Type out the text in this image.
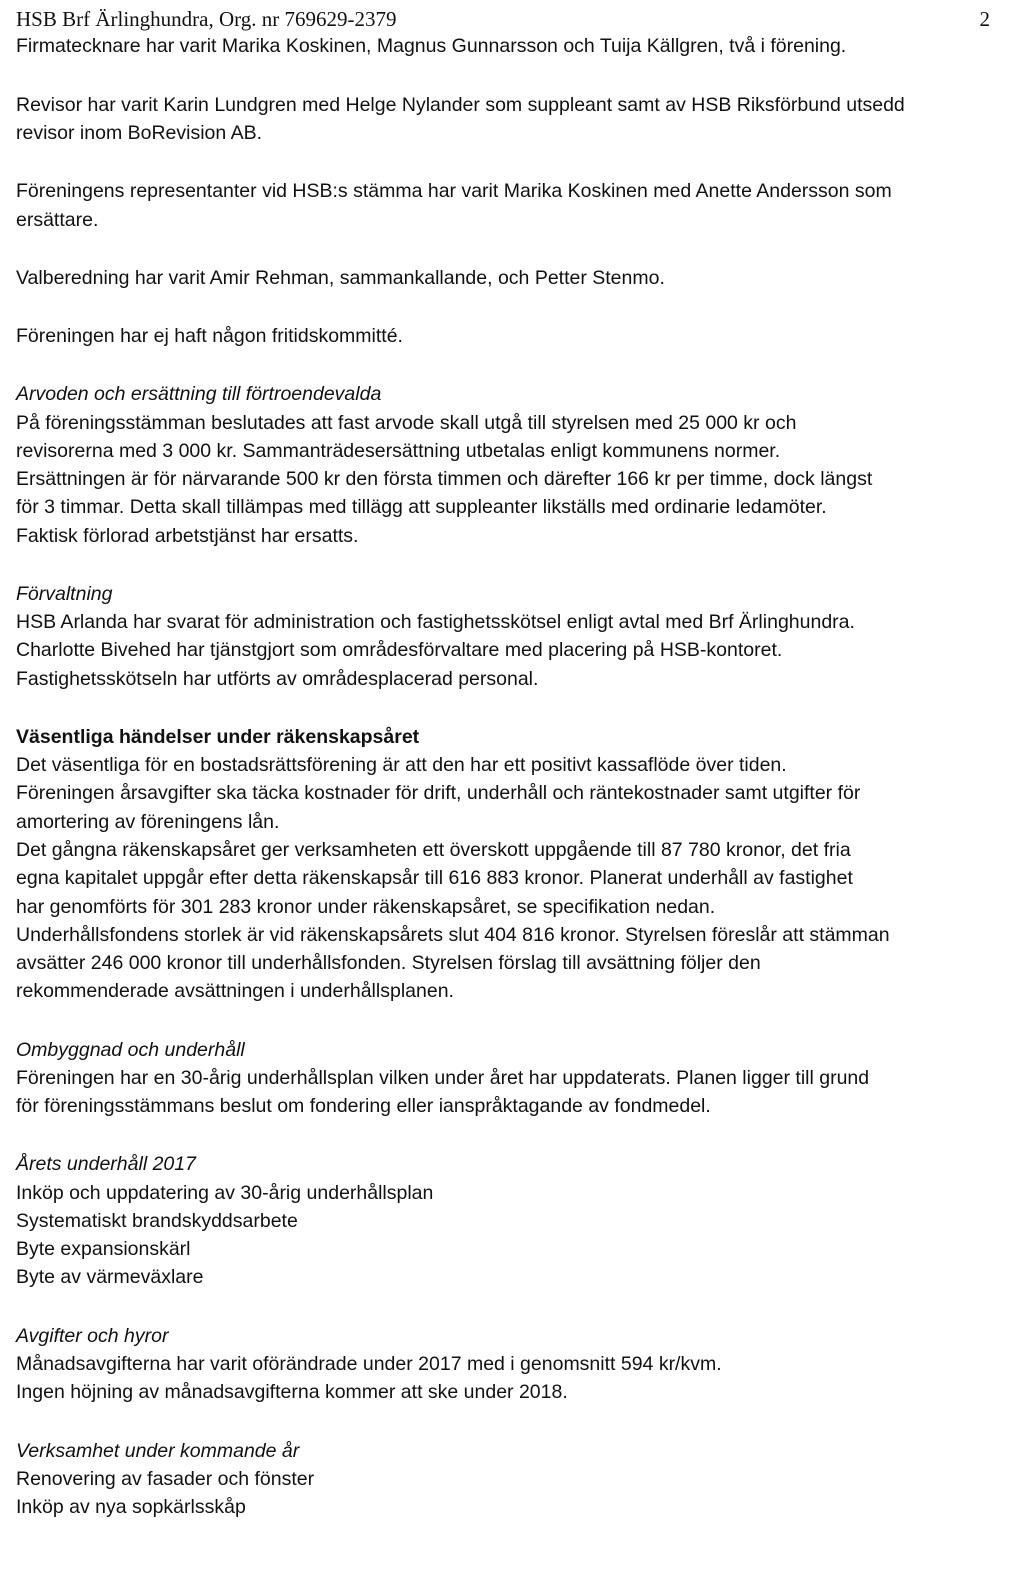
HSB Brf Ärlinghundra, Org. nr 769629-2379	2
Firmatecknare har varit Marika Koskinen, Magnus Gunnarsson och Tuija Källgren, två i förening.
Revisor har varit Karin Lundgren med Helge Nylander som suppleant samt av HSB Riksförbund utsedd
revisor inom BoRevision AB.
Föreningens representanter vid HSB:s stämma har varit Marika Koskinen med Anette Andersson som
ersättare.
Valberedning har varit Amir Rehman, sammankallande, och Petter Stenmo.
Föreningen har ej haft någon fritidskommitté.
Arvoden och ersättning till förtroendevalda
På föreningsstämman beslutades att fast arvode skall utgå till styrelsen med 25 000 kr och
revisorerna med 3 000 kr. Sammanträdesersättning utbetalas enligt kommunens normer.
Ersättningen är för närvarande 500 kr den första timmen och därefter 166 kr per timme, dock längst
för 3 timmar. Detta skall tillämpas med tillägg att suppleanter likställs med ordinarie ledamöter.
Faktisk förlorad arbetstjänst har ersatts.
Förvaltning
HSB Arlanda har svarat för administration och fastighetsskötsel enligt avtal med Brf Ärlinghundra.
Charlotte Bivehed har tjänstgjort som områdesförvaltare med placering på HSB-kontoret.
Fastighetsskötseln har utförts av områdesplacerad personal.
Väsentliga händelser under räkenskapsåret
Det väsentliga för en bostadsrättsförening är att den har ett positivt kassaflöde över tiden.
Föreningen årsavgifter ska täcka kostnader för drift, underhåll och räntekostnader samt utgifter för
amortering av föreningens lån.
Det gångna räkenskapsåret ger verksamheten ett överskott uppgående till 87 780 kronor, det fria
egna kapitalet uppgår efter detta räkenskapsår till 616 883 kronor. Planerat underhåll av fastighet
har genomförts för 301 283 kronor under räkenskapsåret, se specifikation nedan.
Underhållsfondens storlek är vid räkenskapsårets slut 404 816 kronor. Styrelsen föreslår att stämman
avsätter 246 000 kronor till underhållsfonden. Styrelsen förslag till avsättning följer den
rekommenderade avsättningen i underhållsplanen.
Ombyggnad och underhåll
Föreningen har en 30-årig underhållsplan vilken under året har uppdaterats. Planen ligger till grund
för föreningsstämmans beslut om fondering eller ianspråktagande av fondmedel.
Årets underhåll 2017
Inköp och uppdatering av 30-årig underhållsplan
Systematiskt brandskyddsarbete
Byte expansionskärl
Byte av värmeväxlare
Avgifter och hyror
Månadsavgifterna har varit oförändrade under 2017 med i genomsnitt 594 kr/kvm.
Ingen höjning av månadsavgifterna kommer att ske under 2018.
Verksamhet under kommande år
Renovering av fasader och fönster
Inköp av nya sopkärlsskåp
